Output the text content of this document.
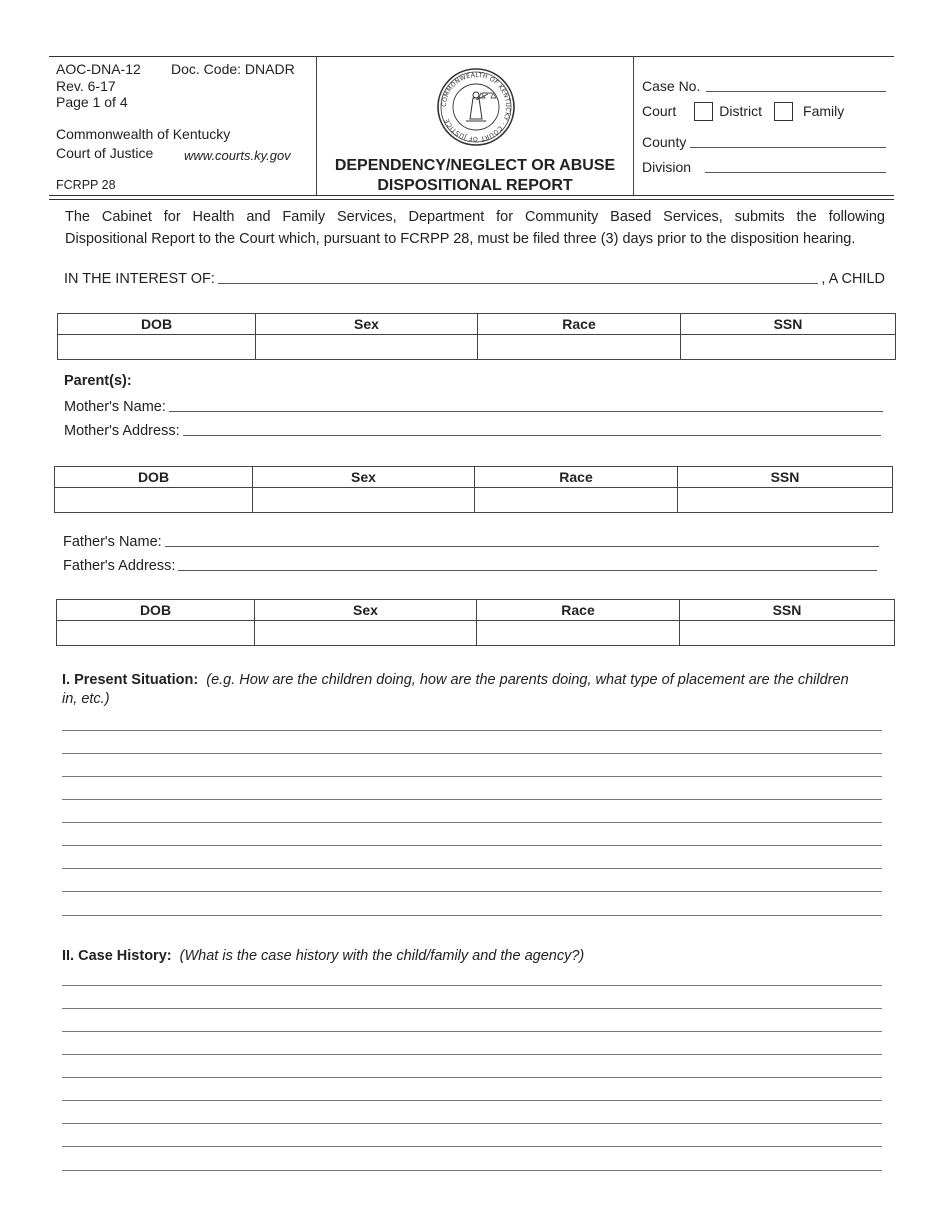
AOC-DNA-12 Doc. Code: DNADR
Rev. 6-17
Page 1 of 4
Commonwealth of Kentucky
Court of Justice www.courts.ky.gov
FCRPP 28
COMMONWEALTH OF KENTUCKY · COURT OF JUSTICE
DEPENDENCY/NEGLECT OR ABUSE
DISPOSITIONAL REPORT
Case No.
Court	District	Family
County
Division
The Cabinet for Health and Family Services, Department for Community Based Services, submits the following
Dispositional Report to the Court which, pursuant to FCRPP 28, must be filed three (3) days prior to the disposition hearing.
IN THE INTEREST OF:	, A CHILD
DOB	Sex	Race	SSN

Parent(s):
Mother's Name:
Mother's Address:
DOB	Sex	Race	SSN

Father's Name:
Father's Address:
DOB	Sex	Race	SSN

I. Present Situation: (e.g. How are the children doing, how are the parents doing, what type of placement are the children in, etc.)
II. Case History: (What is the case history with the child/family and the agency?)
